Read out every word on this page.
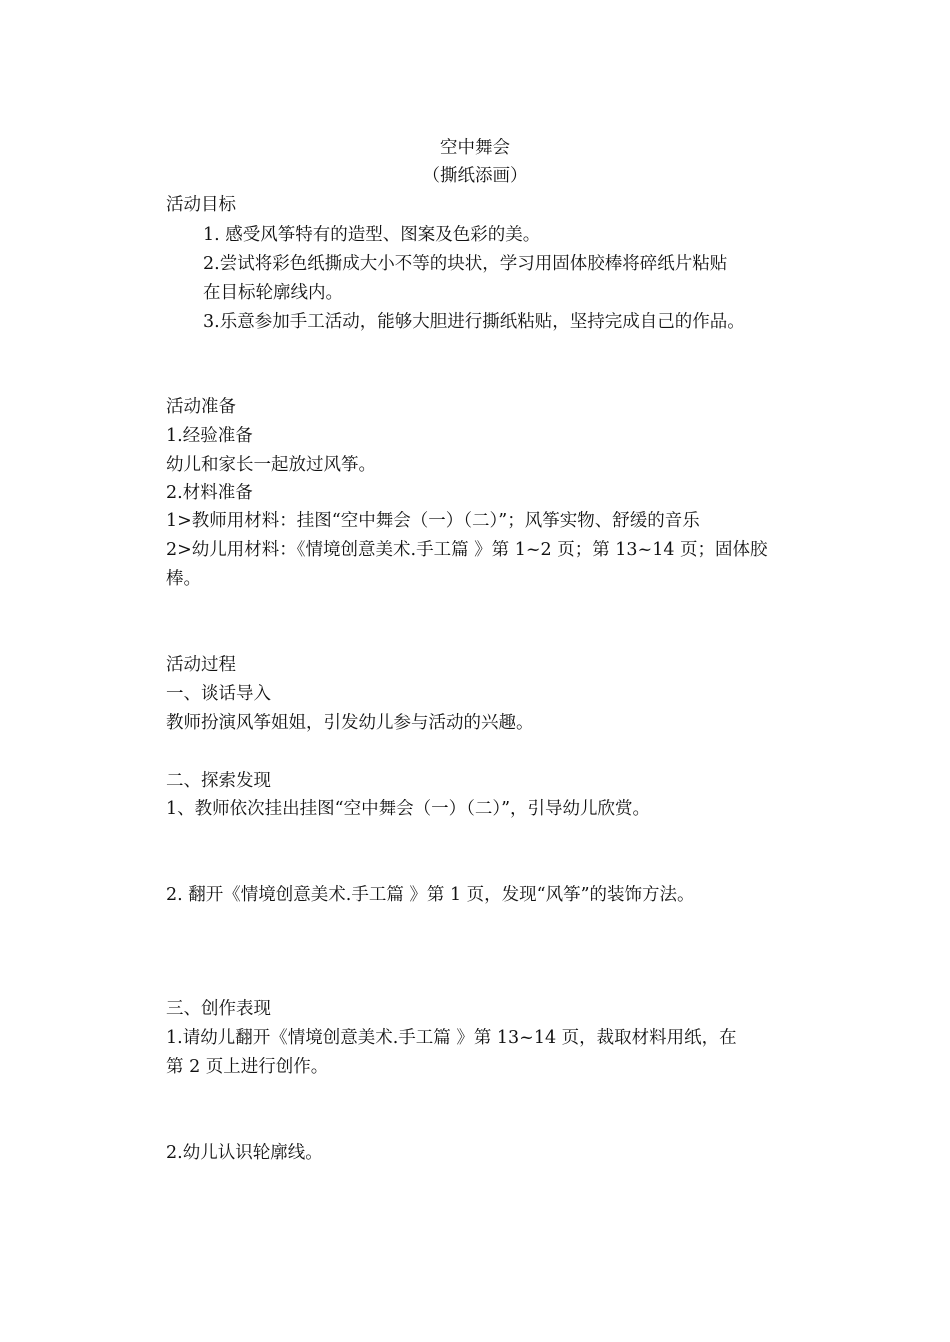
空中舞会
（撕纸添画）
活动目标
1. 感受风筝特有的造型、图案及色彩的美。
2.尝试将彩色纸撕成大小不等的块状，学习用固体胶棒将碎纸片粘贴
在目标轮廓线内。
3.乐意参加手工活动，能够大胆进行撕纸粘贴，坚持完成自己的作品。
活动准备
1.经验准备
幼儿和家长一起放过风筝。
2.材料准备
1>教师用材料：挂图“空中舞会（一）（二）”；风筝实物、舒缓的音乐
2>幼儿用材料：《情境创意美术.手工篇 》第 1~2 页；第 13~14 页；固体胶
棒。
活动过程
一、谈话导入
教师扮演风筝姐姐，引发幼儿参与活动的兴趣。
二、探索发现
1、教师依次挂出挂图“空中舞会（一）（二）”，引导幼儿欣赏。
2. 翻开《情境创意美术.手工篇 》第 1 页，发现“风筝”的装饰方法。
三、创作表现
1.请幼儿翻开《情境创意美术.手工篇 》第 13~14 页，裁取材料用纸，在
第 2 页上进行创作。
2.幼儿认识轮廓线。
